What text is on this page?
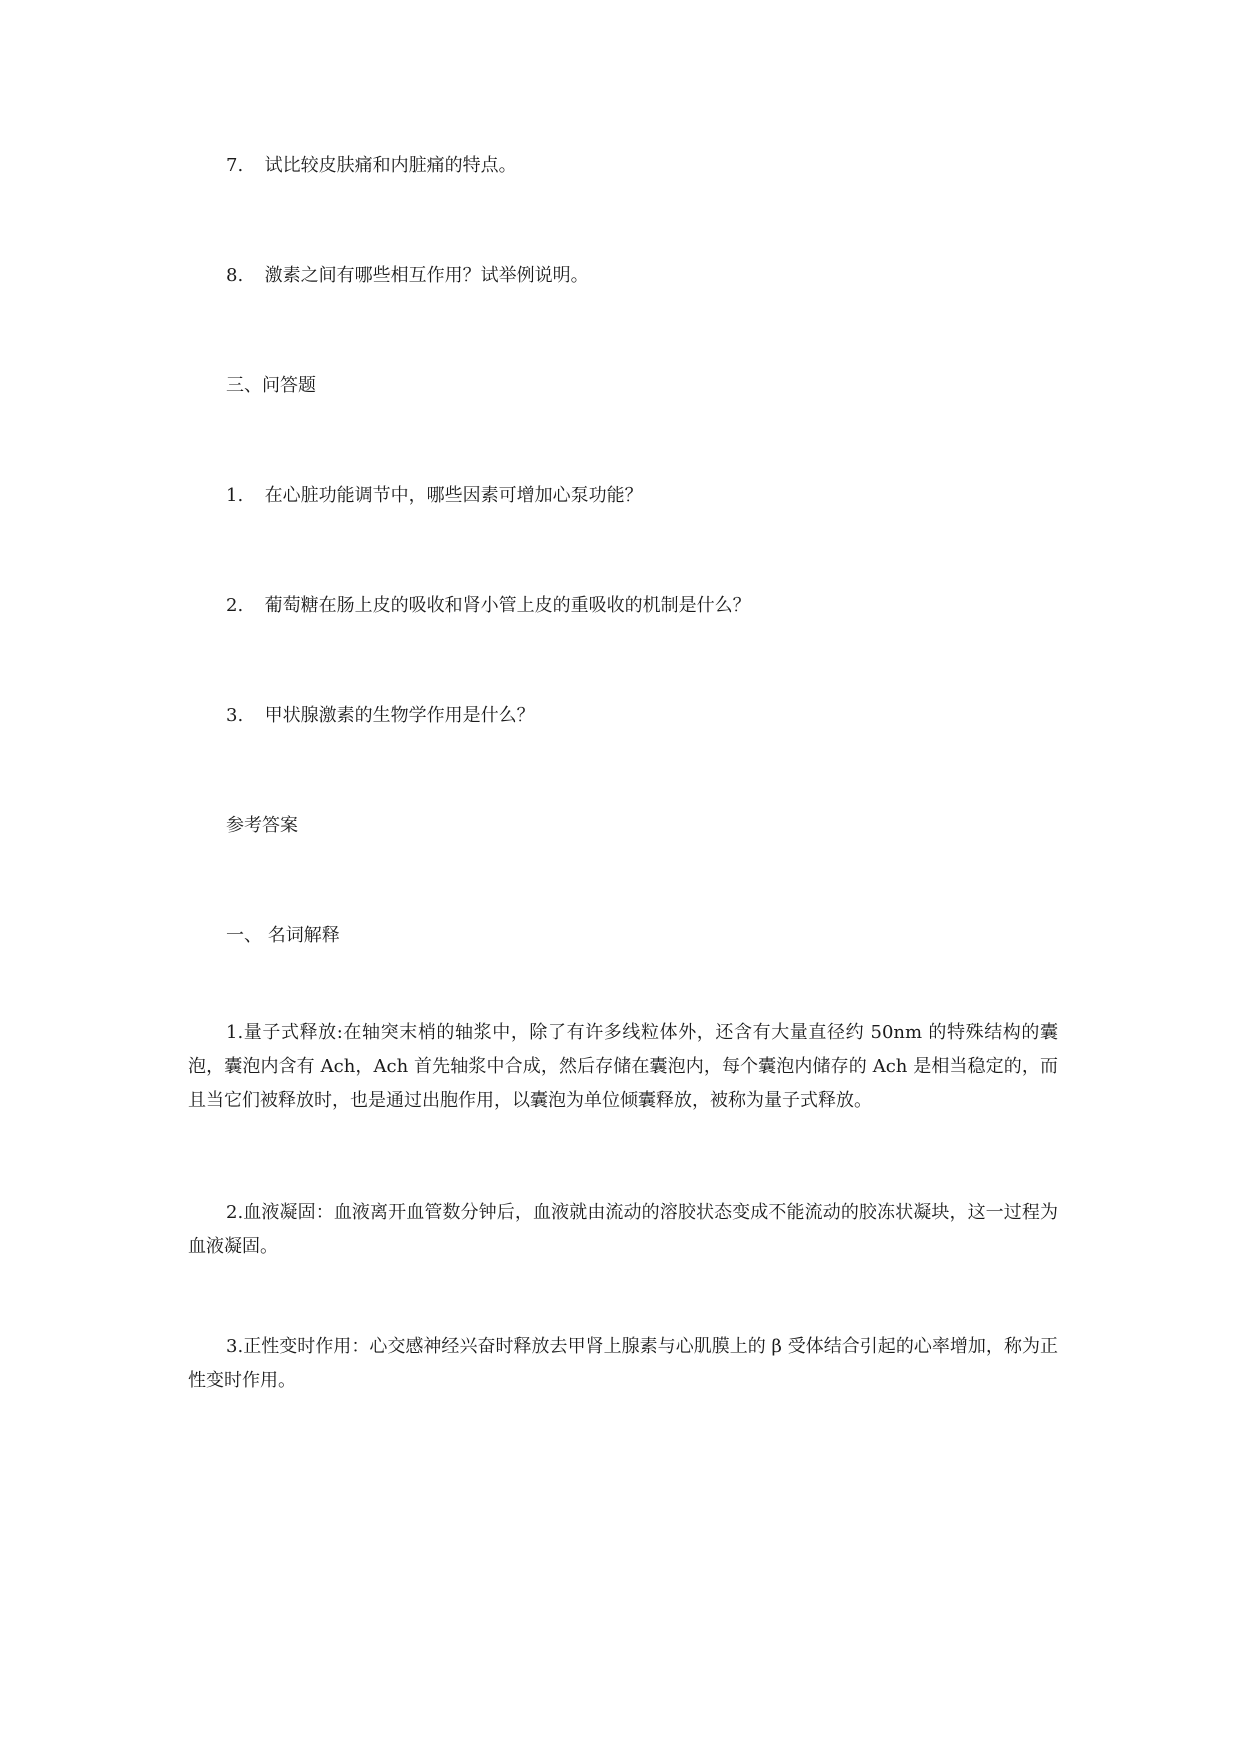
7. 试比较皮肤痛和内脏痛的特点。
8. 激素之间有哪些相互作用？试举例说明。
三、问答题
1. 在心脏功能调节中，哪些因素可增加心泵功能？
2. 葡萄糖在肠上皮的吸收和肾小管上皮的重吸收的机制是什么？
3. 甲状腺激素的生物学作用是什么？
参考答案
一、 名词解释
1.量子式释放:在轴突末梢的轴浆中，除了有许多线粒体外，还含有大量直径约 50nm 的特殊结构的囊泡，囊泡内含有 Ach，Ach 首先轴浆中合成，然后存储在囊泡内，每个囊泡内储存的 Ach 是相当稳定的，而且当它们被释放时，也是通过出胞作用，以囊泡为单位倾囊释放，被称为量子式释放。
2.血液凝固：血液离开血管数分钟后，血液就由流动的溶胶状态变成不能流动的胶冻状凝块，这一过程为血液凝固。
3.正性变时作用：心交感神经兴奋时释放去甲肾上腺素与心肌膜上的 β 受体结合引起的心率增加，称为正性变时作用。
